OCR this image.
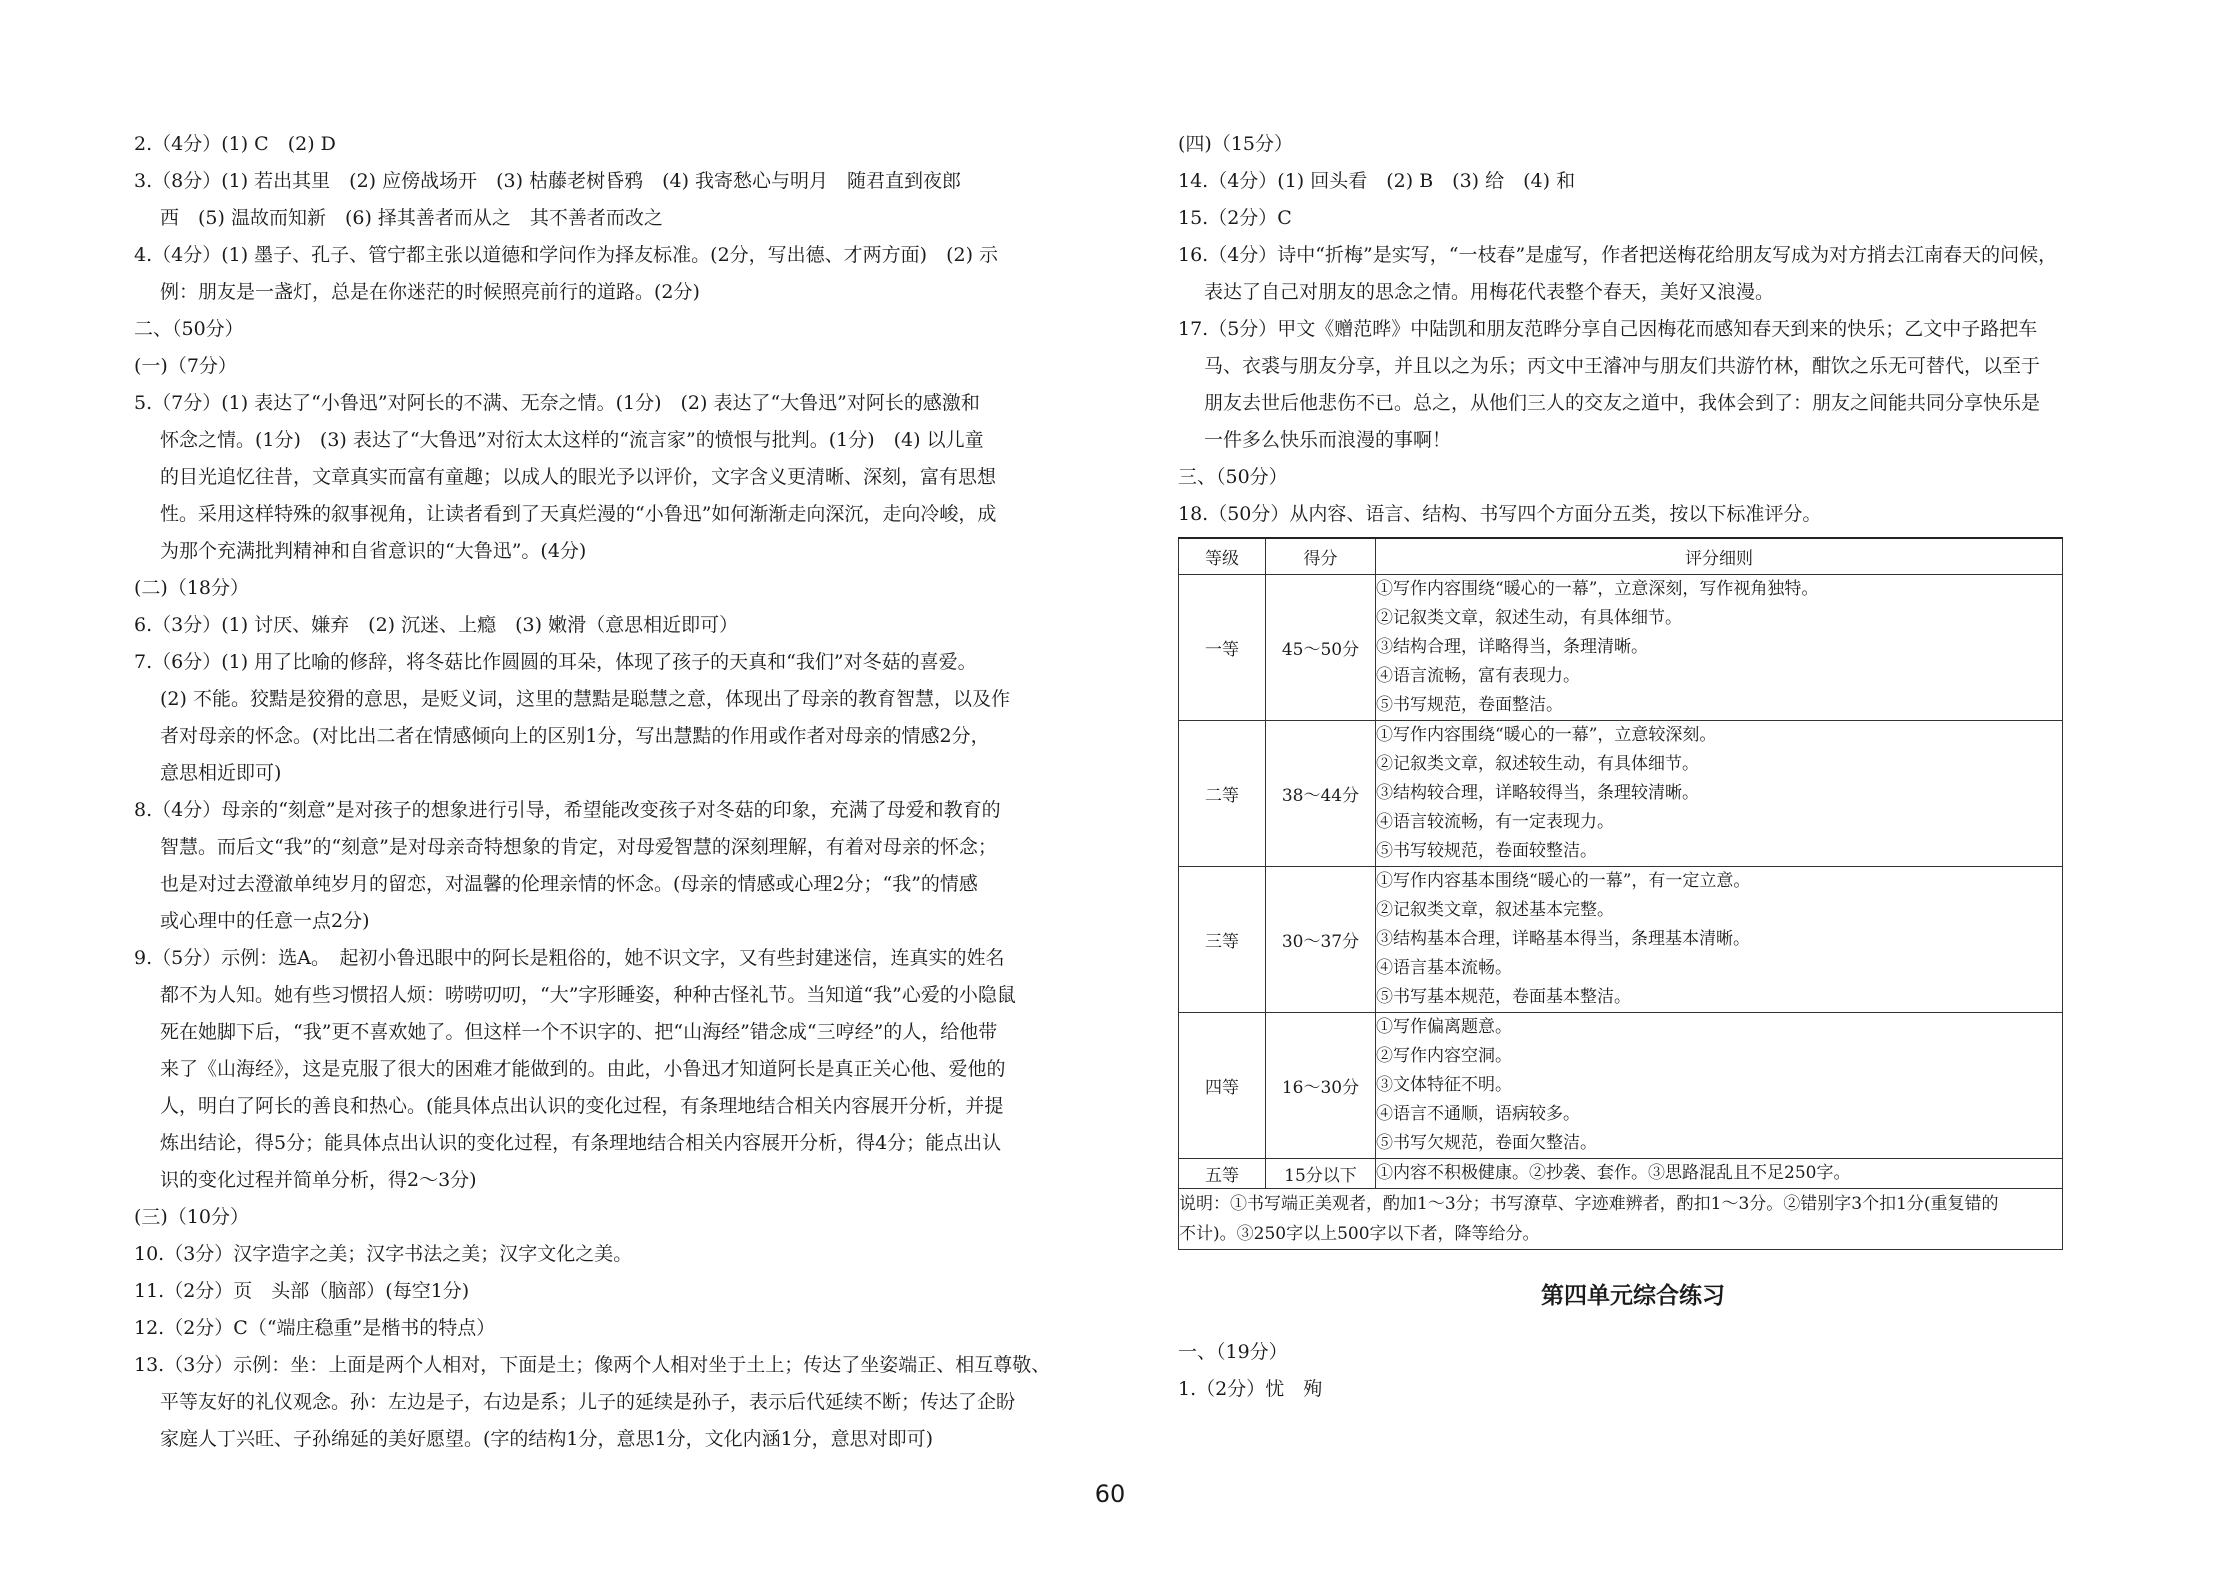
2.（4分）(1) C　(2) D
3.（8分）(1) 若出其里　(2) 应傍战场开　(3) 枯藤老树昏鸦　(4) 我寄愁心与明月　随君直到夜郎
西　(5) 温故而知新　(6) 择其善者而从之　其不善者而改之
4.（4分）(1) 墨子、孔子、管宁都主张以道德和学问作为择友标准。(2分，写出德、才两方面)　(2) 示
例：朋友是一盏灯，总是在你迷茫的时候照亮前行的道路。(2分)
二、（50分）
(一)（7分）
5.（7分）(1) 表达了“小鲁迅”对阿长的不满、无奈之情。(1分)　(2) 表达了“大鲁迅”对阿长的感激和
怀念之情。(1分)　(3) 表达了“大鲁迅”对衍太太这样的“流言家”的愤恨与批判。(1分)　(4) 以儿童
的目光追忆往昔，文章真实而富有童趣；以成人的眼光予以评价，文字含义更清晰、深刻，富有思想
性。采用这样特殊的叙事视角，让读者看到了天真烂漫的“小鲁迅”如何渐渐走向深沉，走向冷峻，成
为那个充满批判精神和自省意识的“大鲁迅”。(4分)
(二)（18分）
6.（3分）(1) 讨厌、嫌弃　(2) 沉迷、上瘾　(3) 嫩滑（意思相近即可）
7.（6分）(1) 用了比喻的修辞，将冬菇比作圆圆的耳朵，体现了孩子的天真和“我们”对冬菇的喜爱。
(2) 不能。狡黠是狡猾的意思，是贬义词，这里的慧黠是聪慧之意，体现出了母亲的教育智慧，以及作
者对母亲的怀念。(对比出二者在情感倾向上的区别1分，写出慧黠的作用或作者对母亲的情感2分，
意思相近即可)
8.（4分）母亲的“刻意”是对孩子的想象进行引导，希望能改变孩子对冬菇的印象，充满了母爱和教育的
智慧。而后文“我”的“刻意”是对母亲奇特想象的肯定，对母爱智慧的深刻理解，有着对母亲的怀念；
也是对过去澄澈单纯岁月的留恋，对温馨的伦理亲情的怀念。(母亲的情感或心理2分；“我”的情感
或心理中的任意一点2分)
9.（5分）示例：选A。　起初小鲁迅眼中的阿长是粗俗的，她不识文字，又有些封建迷信，连真实的姓名
都不为人知。她有些习惯招人烦：唠唠叨叨，“大”字形睡姿，种种古怪礼节。当知道“我”心爱的小隐鼠
死在她脚下后，“我”更不喜欢她了。但这样一个不识字的、把“山海经”错念成“三哼经”的人，给他带
来了《山海经》，这是克服了很大的困难才能做到的。由此，小鲁迅才知道阿长是真正关心他、爱他的
人，明白了阿长的善良和热心。(能具体点出认识的变化过程，有条理地结合相关内容展开分析，并提
炼出结论，得5分；能具体点出认识的变化过程，有条理地结合相关内容展开分析，得4分；能点出认
识的变化过程并简单分析，得2～3分)
(三)（10分）
10.（3分）汉字造字之美；汉字书法之美；汉字文化之美。
11.（2分）页　头部（脑部）(每空1分)
12.（2分）C（“端庄稳重”是楷书的特点）
13.（3分）示例：坐：上面是两个人相对，下面是土；像两个人相对坐于土上；传达了坐姿端正、相互尊敬、
平等友好的礼仪观念。孙：左边是子，右边是系；儿子的延续是孙子，表示后代延续不断；传达了企盼
家庭人丁兴旺、子孙绵延的美好愿望。(字的结构1分，意思1分，文化内涵1分，意思对即可)
(四)（15分）
14.（4分）(1) 回头看　(2) B　(3) 给　(4) 和
15.（2分）C
16.（4分）诗中“折梅”是实写，“一枝春”是虚写，作者把送梅花给朋友写成为对方捎去江南春天的问候，
表达了自己对朋友的思念之情。用梅花代表整个春天，美好又浪漫。
17.（5分）甲文《赠范晔》中陆凯和朋友范晔分享自己因梅花而感知春天到来的快乐；乙文中子路把车
马、衣裘与朋友分享，并且以之为乐；丙文中王濬冲与朋友们共游竹林，酣饮之乐无可替代，以至于
朋友去世后他悲伤不已。总之，从他们三人的交友之道中，我体会到了：朋友之间能共同分享快乐是
一件多么快乐而浪漫的事啊！
三、（50分）
18.（50分）从内容、语言、结构、书写四个方面分五类，按以下标准评分。
等级	得分	评分细则
一等	45～50分	①写作内容围绕“暖心的一幕”，立意深刻，写作视角独特。
②记叙类文章，叙述生动，有具体细节。
③结构合理，详略得当，条理清晰。
④语言流畅，富有表现力。
⑤书写规范，卷面整洁。

二等	38～44分	①写作内容围绕“暖心的一幕”，立意较深刻。
②记叙类文章，叙述较生动，有具体细节。
③结构较合理，详略较得当，条理较清晰。
④语言较流畅，有一定表现力。
⑤书写较规范，卷面较整洁。

三等	30～37分	①写作内容基本围绕“暖心的一幕”，有一定立意。
②记叙类文章，叙述基本完整。
③结构基本合理，详略基本得当，条理基本清晰。
④语言基本流畅。
⑤书写基本规范，卷面基本整洁。

四等	16～30分	①写作偏离题意。
②写作内容空洞。
③文体特征不明。
④语言不通顺，语病较多。
⑤书写欠规范，卷面欠整洁。

五等	15分以下	①内容不积极健康。②抄袭、套作。③思路混乱且不足250字。

说明：①书写端正美观者，酌加1～3分；书写潦草、字迹难辨者，酌扣1～3分。②错别字3个扣1分(重复错的
不计)。③250字以上500字以下者，降等给分。		
第四单元综合练习
一、（19分）
1.（2分）忧　殉
60
